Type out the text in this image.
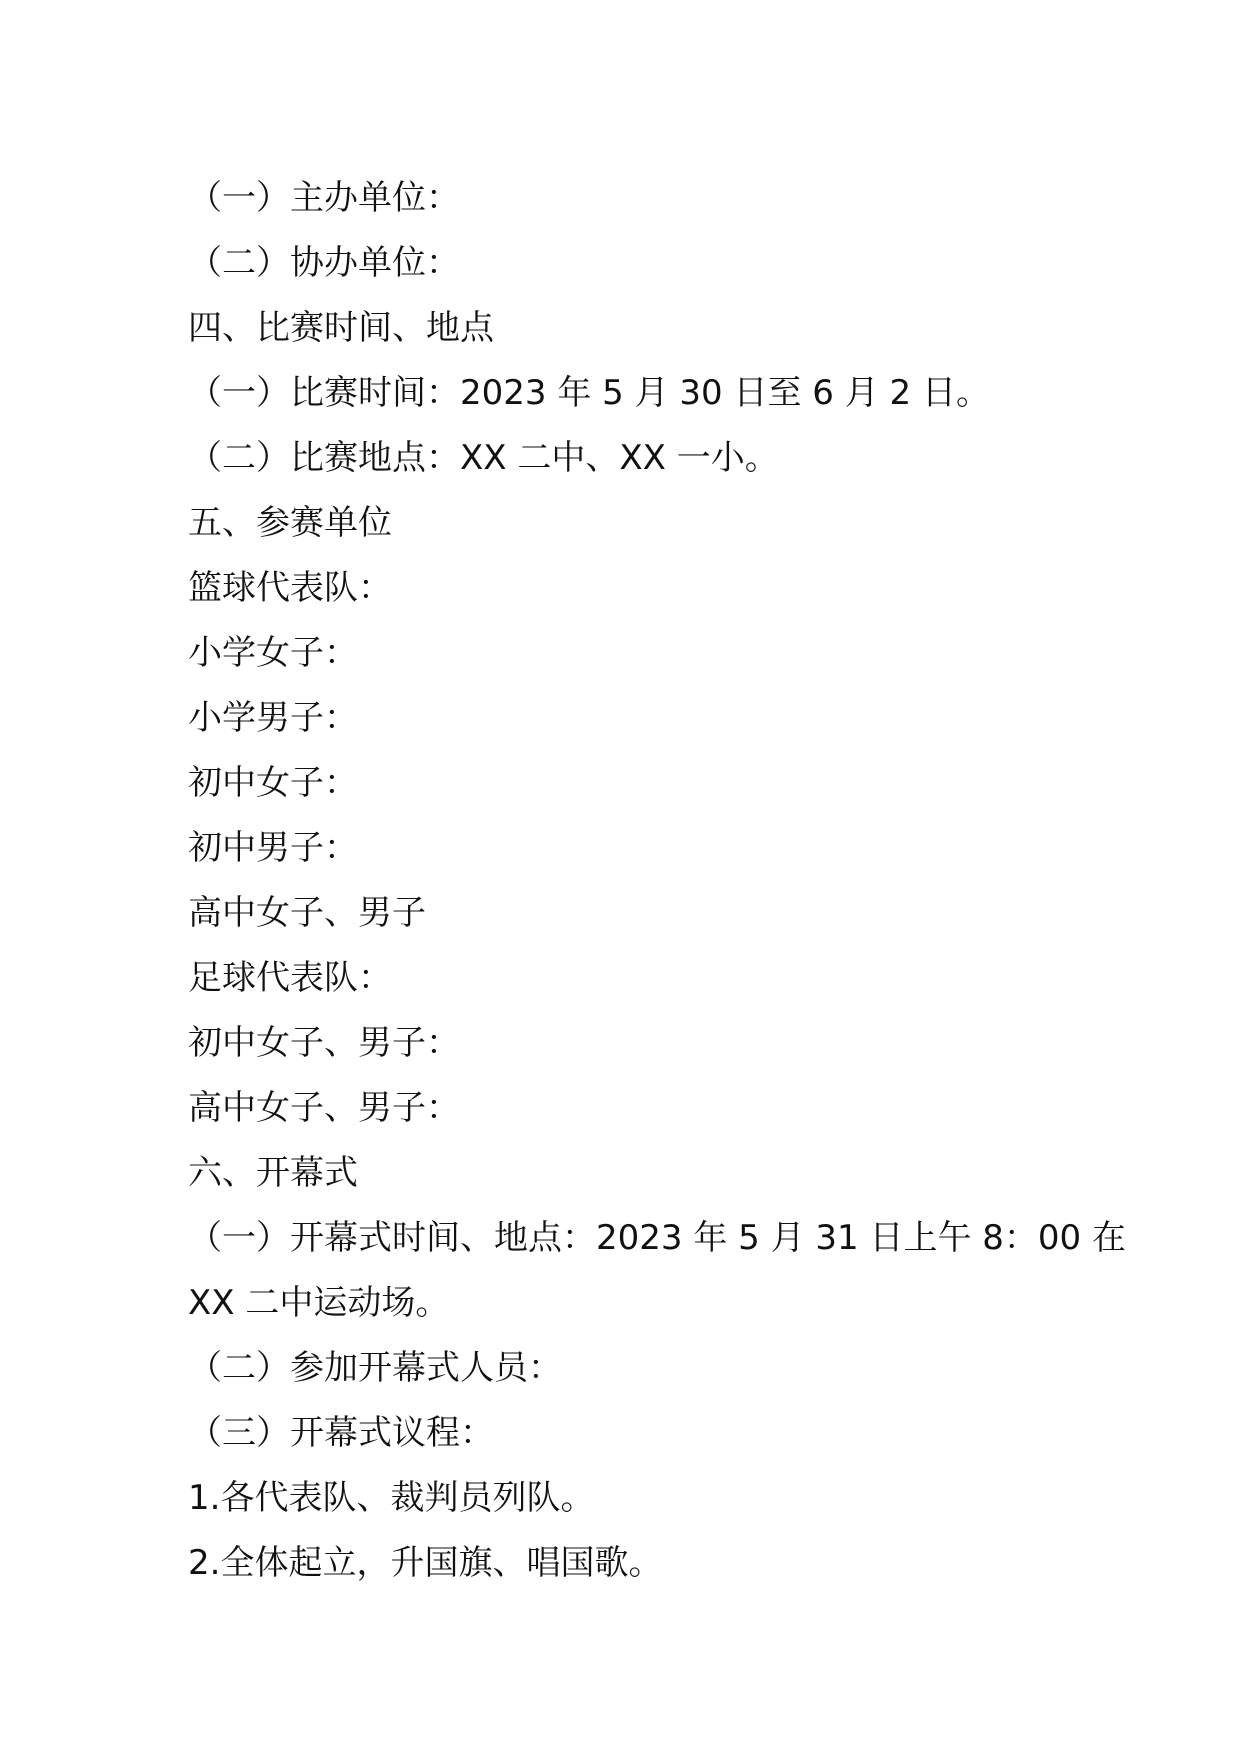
（一）主办单位：

（二）协办单位：

四、比赛时间、地点

（一）比赛时间：2023 年 5 月 30 日至 6 月 2 日。

（二）比赛地点：XX 二中、XX 一小。

五、参赛单位

篮球代表队：

小学女子：

小学男子：

初中女子：

初中男子：

高中女子、男子

足球代表队：

初中女子、男子：

高中女子、男子：

六、开幕式

（一）开幕式时间、地点：2023 年 5 月 31 日上午 8：00 在

XX 二中运动场。

（二）参加开幕式人员：

（三）开幕式议程：

1.各代表队、裁判员列队。

2.全体起立，升国旗、唱国歌。
